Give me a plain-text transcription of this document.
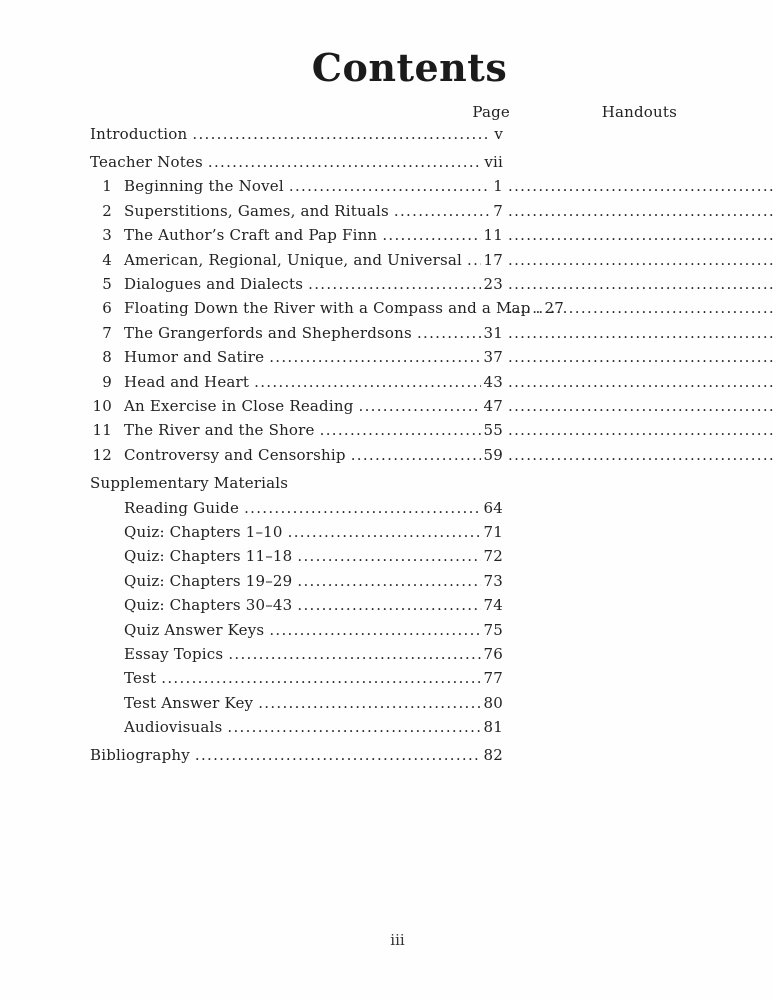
Contents
Page	Handouts
Introduction .....	v
Teacher Notes .....	vii
1 Beginning the Novel .....	1
.....
2 Superstitions, Games, and Rituals .....	7
.....
3 The Author’s Craft and Pap Finn .....	11
.....
4 American, Regional, Unique, and Universal ..... 17
.....
5 Dialogues and Dialects .....	23
.....
6 Floating Down the River with a Compass and a Map ..... 27
.....
7 The Grangerfords and Shepherdsons .....	31
.....
8 Humor and Satire .....	37
.....
9 Head and Heart .....	43
.....
10 An Exercise in Close Reading .....	47
.....
11 The River and the Shore .....	55
.....
12 Controversy and Censorship .....	59
.....
Supplementary Materials
Reading Guide .....	64
Quiz: Chapters 1–10 .....	71
Quiz: Chapters 11–18 .....	72
Quiz: Chapters 19–29 .....	73
Quiz: Chapters 30–43 .....	74
Quiz Answer Keys .....	75
Essay Topics .....	76
Test .....	77
Test Answer Key .....	80
Audiovisuals .....	81
Bibliography .....	82
iii
